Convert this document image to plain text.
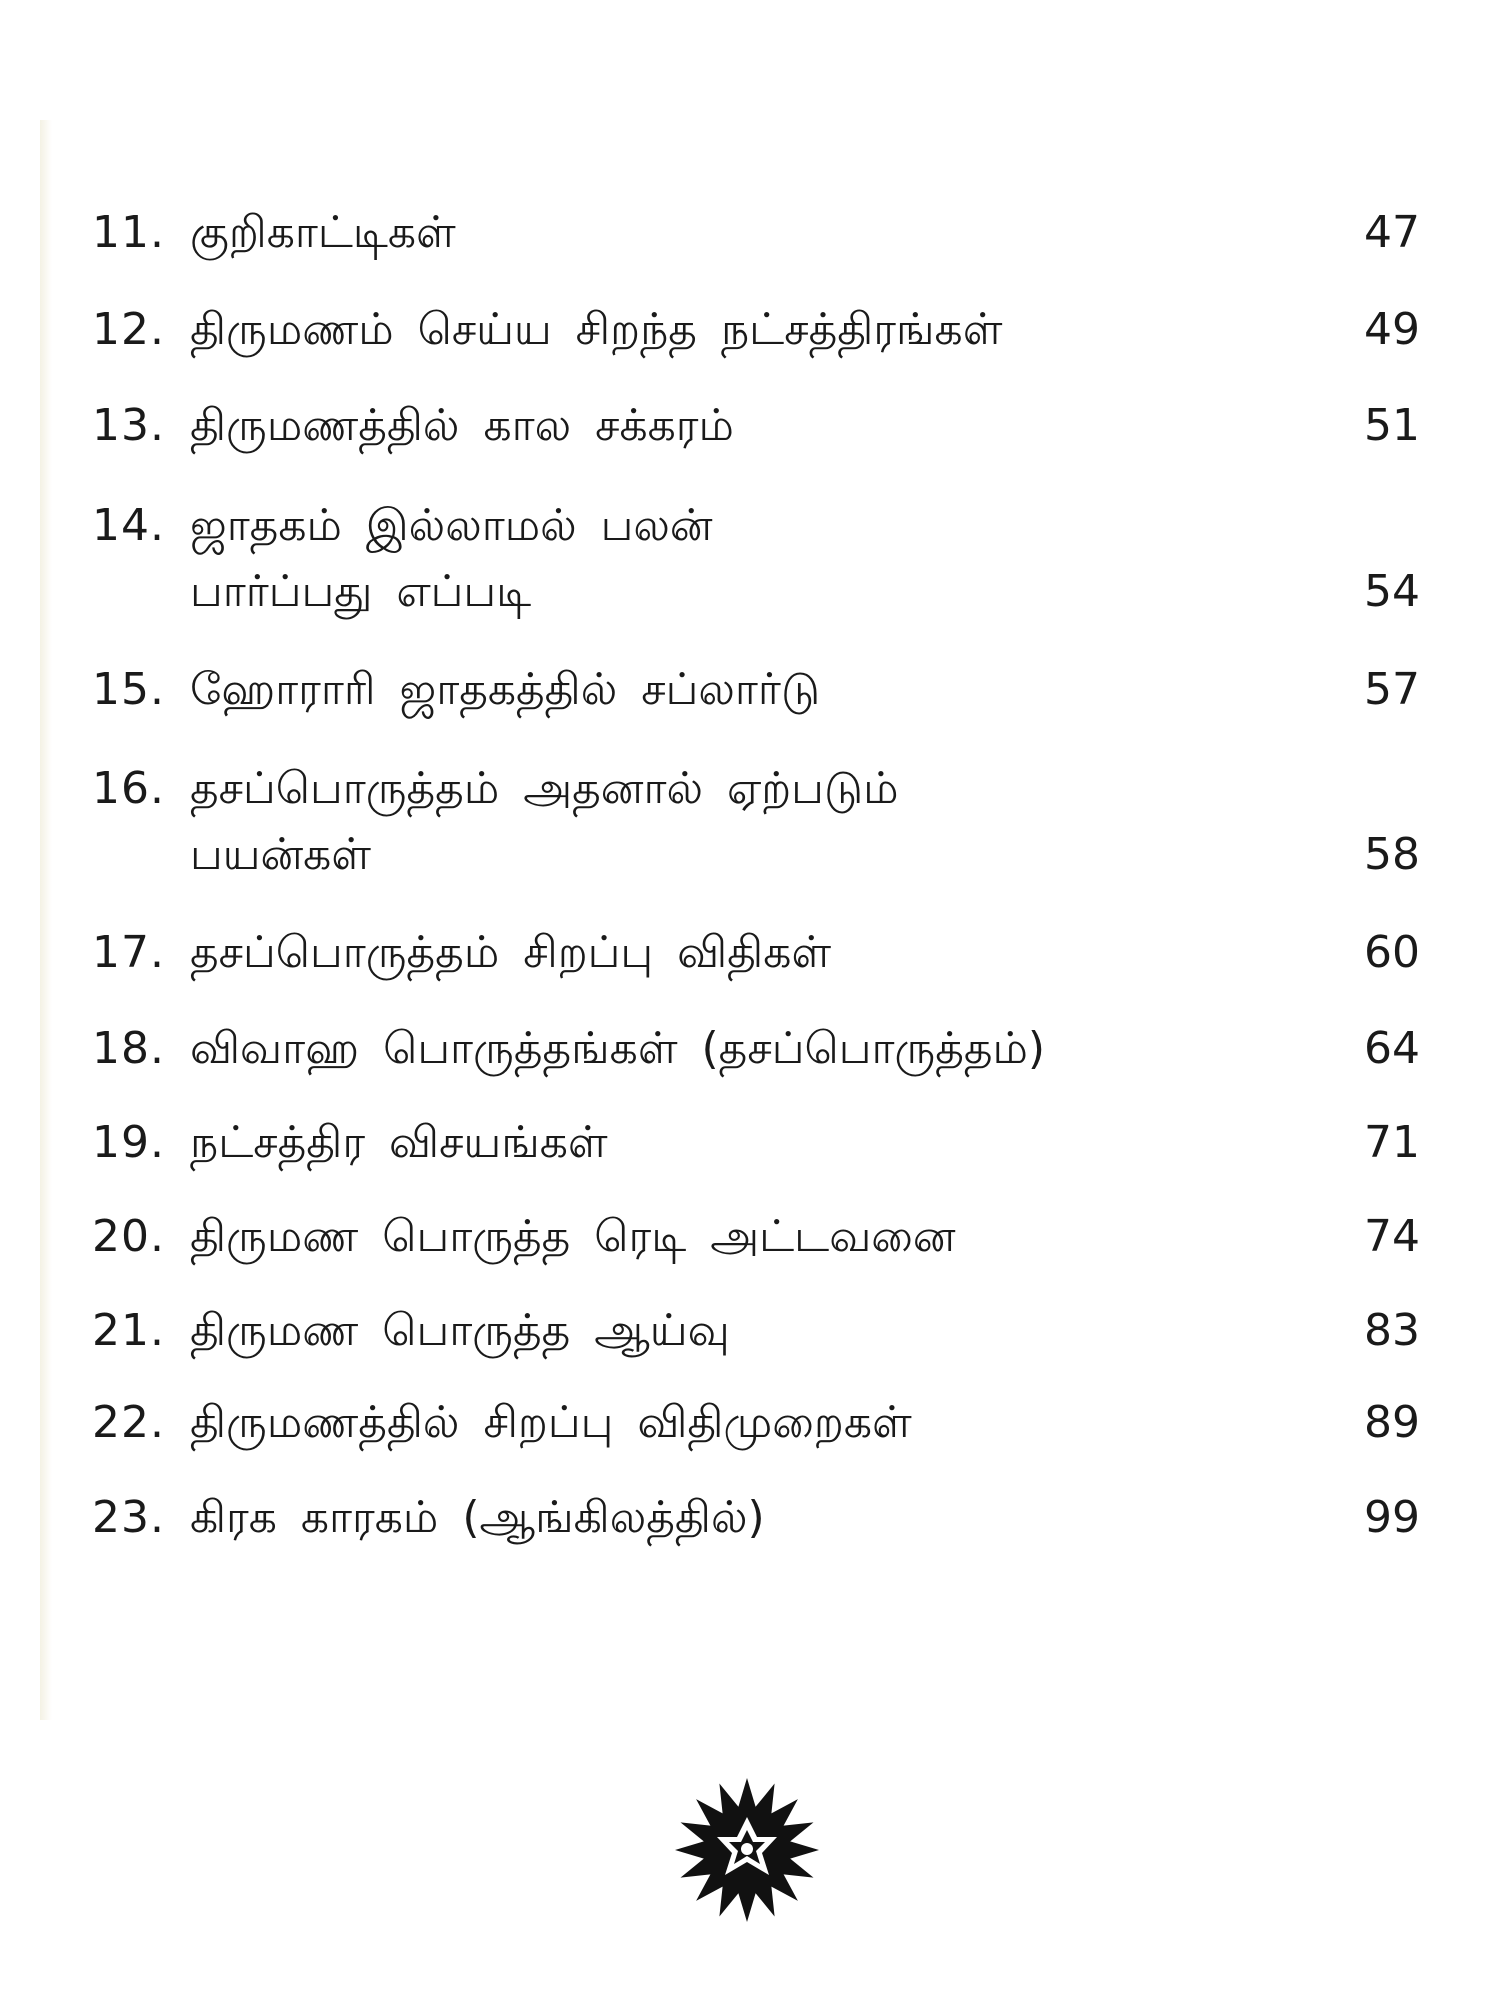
11. குறிகாட்டிகள்	47
12. திருமணம் செய்ய சிறந்த நட்சத்திரங்கள்	49
13. திருமணத்தில் கால சக்கரம்	51
14. ஜாதகம் இல்லாமல் பலன்
பார்ப்பது எப்படி	54
15. ஹோராரி ஜாதகத்தில் சப்லார்டு	57
16. தசப்பொருத்தம் அதனால் ஏற்படும்
பயன்கள்	58
17. தசப்பொருத்தம் சிறப்பு விதிகள்	60
18. விவாஹ பொருத்தங்கள் (தசப்பொருத்தம்)	64
19. நட்சத்திர விசயங்கள்	71
20. திருமண பொருத்த ரெடி அட்டவனை	74
21. திருமண பொருத்த ஆய்வு	83
22. திருமணத்தில் சிறப்பு விதிமுறைகள்	89
23. கிரக காரகம் (ஆங்கிலத்தில்)	99
